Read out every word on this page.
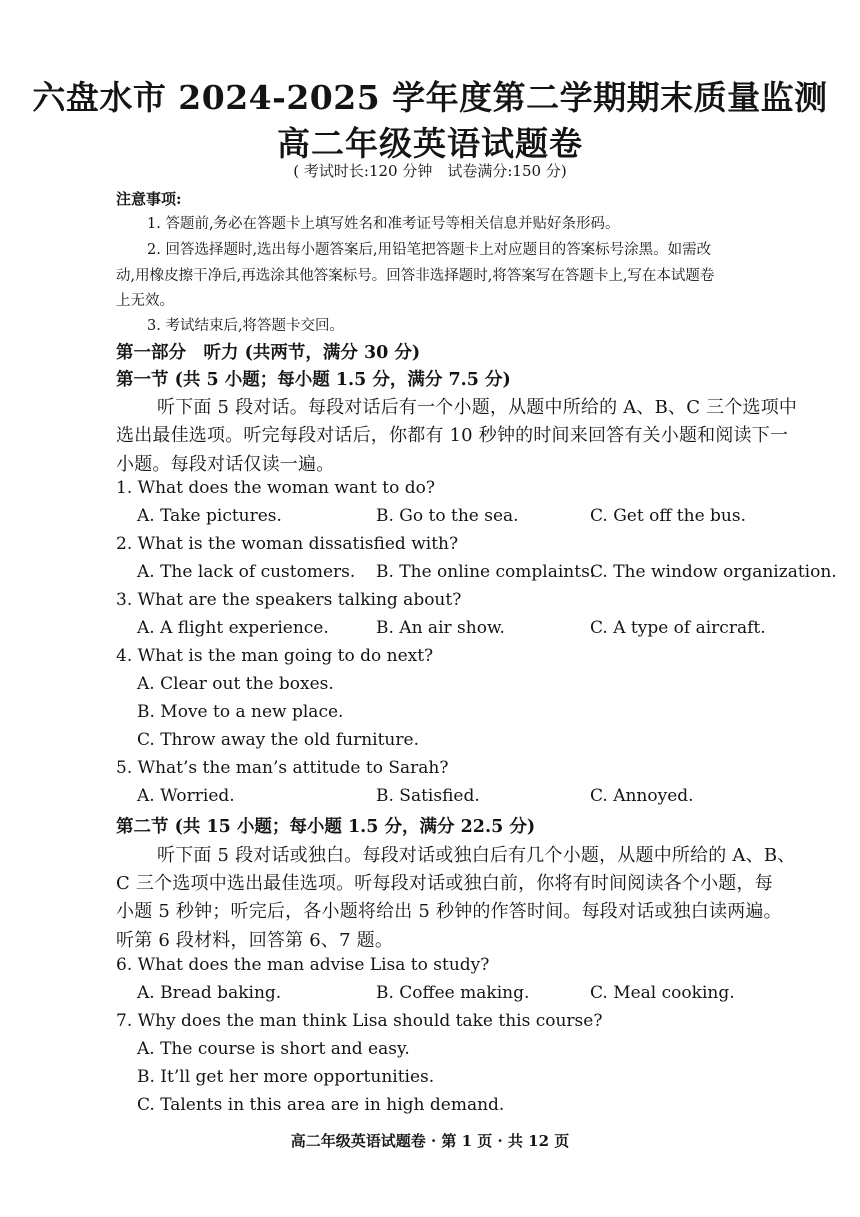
六盘水市 2024-2025 学年度第二学期期末质量监测
高二年级英语试题卷
( 考试时长:120 分钟　试卷满分:150 分)
注意事项:
1. 答题前,务必在答题卡上填写姓名和准考证号等相关信息并贴好条形码。
2. 回答选择题时,选出每小题答案后,用铅笔把答题卡上对应题目的答案标号涂黑。如需改
动,用橡皮擦干净后,再选涂其他答案标号。回答非选择题时,将答案写在答题卡上,写在本试题卷
上无效。
3. 考试结束后,将答题卡交回。
第一部分　听力 (共两节，满分 30 分)
第一节 (共 5 小题；每小题 1.5 分，满分 7.5 分)
听下面 5 段对话。每段对话后有一个小题，从题中所给的 A、B、C 三个选项中
选出最佳选项。听完每段对话后，你都有 10 秒钟的时间来回答有关小题和阅读下一
小题。每段对话仅读一遍。
1. What does the woman want to do?
A. Take pictures.	B. Go to the sea.	C. Get off the bus.
2. What is the woman dissatisfied with?
A. The lack of customers. B. The online complaints.
C. The window organization.
3. What are the speakers talking about?
A. A flight experience.	B. An air show.	C. A type of aircraft.
4. What is the man going to do next?
A. Clear out the boxes.
B. Move to a new place.
C. Throw away the old furniture.
5. What’s the man’s attitude to Sarah?
A. Worried.	B. Satisfied.	C. Annoyed.
第二节 (共 15 小题；每小题 1.5 分，满分 22.5 分)
听下面 5 段对话或独白。每段对话或独白后有几个小题，从题中所给的 A、B、
C 三个选项中选出最佳选项。听每段对话或独白前，你将有时间阅读各个小题，每
小题 5 秒钟；听完后，各小题将给出 5 秒钟的作答时间。每段对话或独白读两遍。
听第 6 段材料，回答第 6、7 题。
6. What does the man advise Lisa to study?
A. Bread baking.	B. Coffee making.	C. Meal cooking.
7. Why does the man think Lisa should take this course?
A. The course is short and easy.
B. It’ll get her more opportunities.
C. Talents in this area are in high demand.
高二年级英语试题卷 · 第 1 页 · 共 12 页
